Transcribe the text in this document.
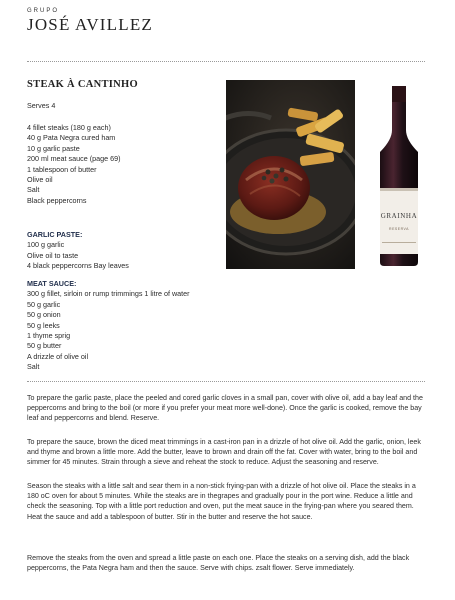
GRUPO
JOSÉ AVILLEZ
STEAK À CANTINHO
Serves 4
4 fillet steaks (180 g each)
40 g Pata Negra cured ham
10 g garlic paste
200 ml meat sauce (page 69)
1 tablespoon of butter
Olive oil
Salt
Black peppercorns
GARLIC PASTE:
100 g garlic
Olive oil to taste
4 black peppercorns Bay leaves
MEAT SAUCE:
300 g fillet, sirloin or rump trimmings 1 litre of water
50 g garlic
50 g onion
50 g leeks
1 thyme sprig
50 g butter
A drizzle of olive oil
Salt
GRAINHA
RESERVA

To prepare the garlic paste, place the peeled and cored garlic cloves in a small pan, cover with olive oil, add a bay leaf and the peppercorns and bring to the boil (or more if you prefer your meat more well-done). Once the garlic is cooked, remove the bay leaf and peppercorns and blend. Reserve.

To prepare the sauce, brown the diced meat trimmings in a cast-iron pan in a drizzle of hot olive oil. Add the garlic, onion, leek and thyme and brown a little more. Add the butter, leave to brown and drain off the fat. Cover with water, bring to the boil and simmer for 45 minutes. Strain through a sieve and reheat the stock to reduce. Adjust the seasoning and reserve.

Season the steaks with a little salt and sear them in a non-stick frying-pan with a drizzle of hot olive oil. Place the steaks in a 180 oC oven for about 5 minutes. While the steaks are in thegrapes and gradually pour in the port wine. Reduce a little and check the seasoning. Top with a little port reduction and oven, put the meat sauce in the frying-pan where you seared them. Heat the sauce and add a tablespoon of butter. Stir in the butter and reserve the hot sauce.

Remove the steaks from the oven and spread a little paste on each one. Place the steaks on a serving dish, add the black peppercorns, the Pata Negra ham and then the sauce. Serve with chips. zsalt flower. Serve immediately.
